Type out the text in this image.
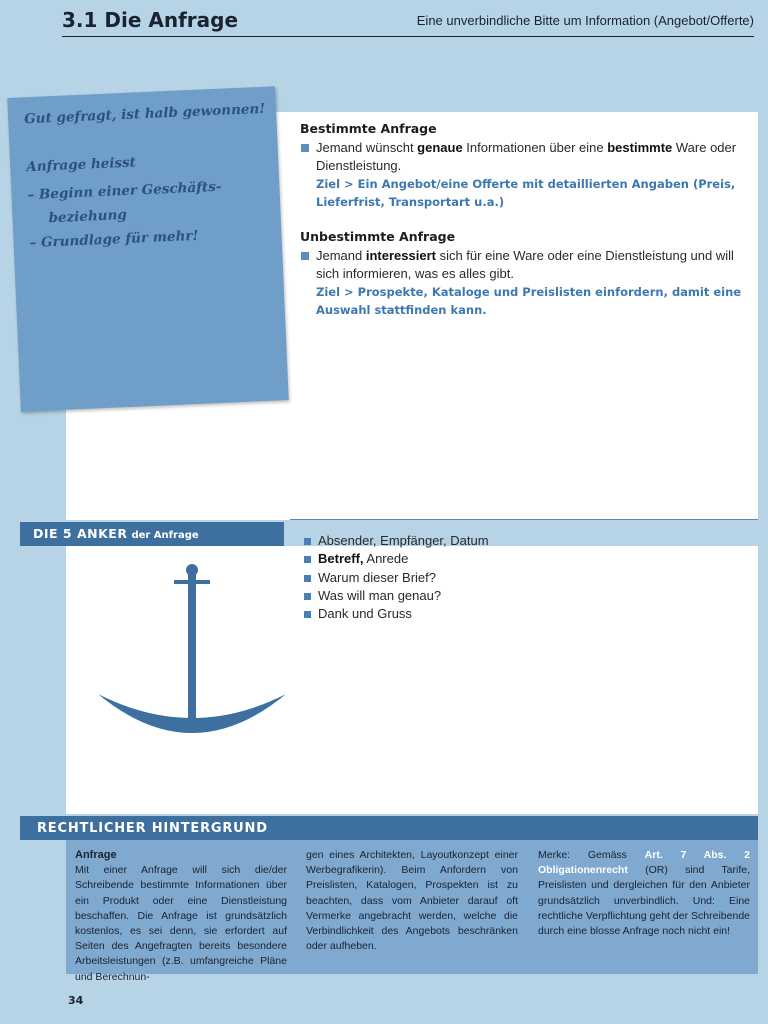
3.1 Die Anfrage	Eine unverbindliche Bitte um Information (Angebot/Offerte)
Gut gefragt, ist halb gewonnen!
Anfrage heisst
– Beginn einer Geschäfts-
beziehung
– Grundlage für mehr!
Bestimmte Anfrage
Jemand wünscht genaue Informationen über eine bestimmte Ware oder Dienstleistung.
Ziel > Ein Angebot/eine Offerte mit detaillierten Angaben (Preis, Lieferfrist, Transportart u.a.)
Unbestimmte Anfrage
Jemand interessiert sich für eine Ware oder eine Dienstleistung und will sich informieren, was es alles gibt.
Ziel > Prospekte, Kataloge und Preislisten einfordern, damit eine Auswahl stattfinden kann.
DIE 5 ANKER der Anfrage	Absender, Empfänger, Datum
Betreff, Anrede
Warum dieser Brief?
Was will man genau?
Dank und Gruss
RECHTLICHER HINTERGRUND
Anfrage
Mit einer Anfrage will sich die/der Schreibende bestimmte Informationen über ein Produkt oder eine Dienstleistung beschaffen. Die Anfrage ist grundsätzlich kostenlos, es sei denn, sie erfordert auf Seiten des Angefragten bereits besondere Arbeitsleistungen (z.B. umfangreiche Pläne und Berechnun-
gen eines Architekten, Layoutkonzept einer Werbegrafikerin). Beim Anfordern von Preislisten, Katalogen, Prospekten ist zu beachten, dass vom Anbieter darauf oft Vermerke angebracht werden, welche die Verbindlichkeit des Angebots beschränken oder aufheben.
Merke: Gemäss Art. 7 Abs. 2 Obligationenrecht (OR) sind Tarife, Preislisten und dergleichen für den Anbieter grundsätzlich unverbindlich. Und: Eine rechtliche Verpflichtung geht der Schreibende durch eine blosse Anfrage noch nicht ein!
34
